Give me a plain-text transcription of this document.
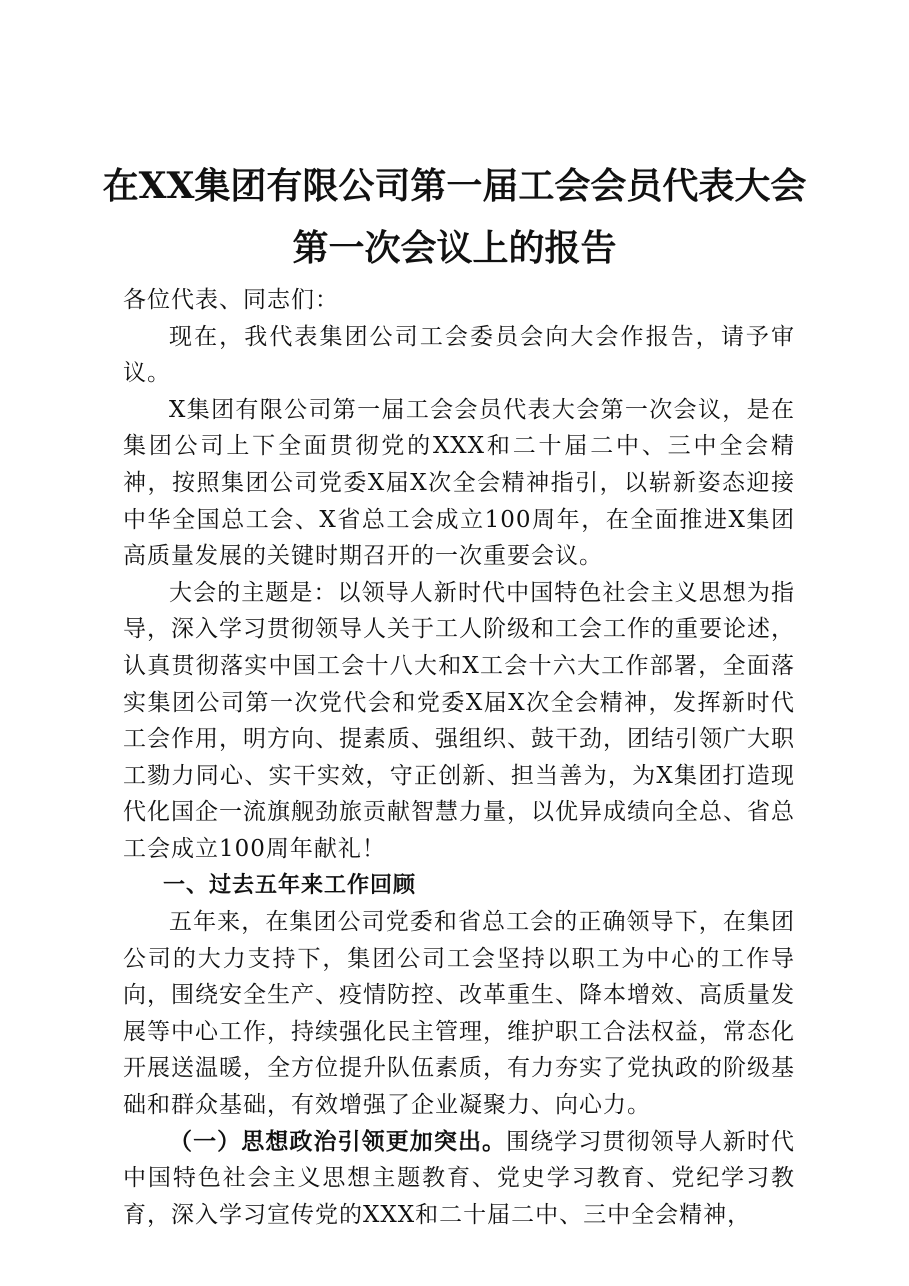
在XX集团有限公司第一届工会会员代表大会
第一次会议上的报告

各位代表、同志们：

现在，我代表集团公司工会委员会向大会作报告，请予审议。

X集团有限公司第一届工会会员代表大会第一次会议，是在集团公司上下全面贯彻党的XXX和二十届二中、三中全会精神，按照集团公司党委X届X次全会精神指引，以崭新姿态迎接中华全国总工会、X省总工会成立100周年，在全面推进X集团高质量发展的关键时期召开的一次重要会议。

大会的主题是：以领导人新时代中国特色社会主义思想为指导，深入学习贯彻领导人关于工人阶级和工会工作的重要论述，认真贯彻落实中国工会十八大和X工会十六大工作部署，全面落实集团公司第一次党代会和党委X届X次全会精神，发挥新时代工会作用，明方向、提素质、强组织、鼓干劲，团结引领广大职工勠力同心、实干实效，守正创新、担当善为，为X集团打造现代化国企一流旗舰劲旅贡献智慧力量，以优异成绩向全总、省总工会成立100周年献礼！

一、过去五年来工作回顾

五年来，在集团公司党委和省总工会的正确领导下，在集团公司的大力支持下，集团公司工会坚持以职工为中心的工作导向，围绕安全生产、疫情防控、改革重生、降本增效、高质量发展等中心工作，持续强化民主管理，维护职工合法权益，常态化开展送温暖，全方位提升队伍素质，有力夯实了党执政的阶级基础和群众基础，有效增强了企业凝聚力、向心力。

（一）思想政治引领更加突出。围绕学习贯彻领导人新时代中国特色社会主义思想主题教育、党史学习教育、党纪学习教育，深入学习宣传党的XXX和二十届二中、三中全会精神，
